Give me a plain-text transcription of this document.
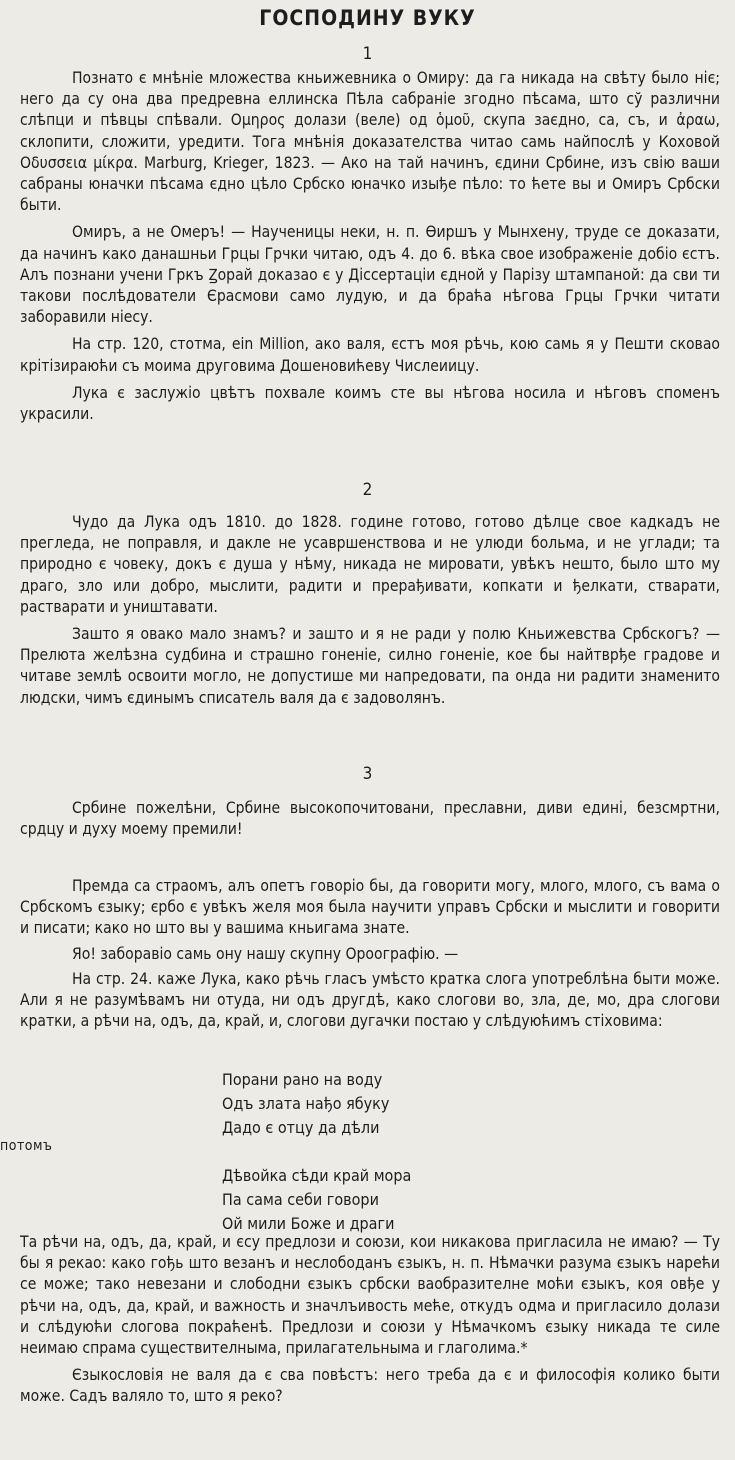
ГОСПОДИНУ ВУКУ
1

Познато є мнѣніе мложества кньижевника о Омиру: да га никада на свѣту было ніє; него да су она два предревна еллинска Пѣла сабраніе згодно пѣсама, што сў различни слѣпци и пѣвцы спѣвали. Ομηρος долази (веле) од ὁμοῦ, скупа заєдно, са, съ, и ἀραω, склопити, сложити, уредити. Тога мнѣнія доказателства читао самь найпослѣ у Коховой Οδυσσεια μίκρα. Marburg, Krieger, 1823. — Ако на тай начинъ, єдини Србине, изъ свію ваши сабраны юначки пѣсама єдно цѣло Србско юначко изыђе пѣло: то ћете вы и Омиръ Србски быти.

Омиръ, а не Омеръ! — Наученицы неки, н. п. Ѳиршъ у Мынхену, труде се доказати, да начинъ како данашньи Грцы Грчки читаю, одъ 4. до 6. вѣка свое изображеніе добіо єстъ. Алъ познани учени Гркъ Ꙁорай доказао є у Діссертаціи єдной у Парізу штампаной: да сви ти такови послѣдователи Єрасмови само лудую, и да браћа нѣгова Грцы Грчки читати заборавили ніесу.

На стр. 120, стотма, ein Million, ако валя, єстъ моя рѣчь, кою самь я у Пешти сковао крітізираюћи съ моима друговима Дошеновићеву Числеиицу.

Лука є заслужіо цвѣтъ похвале коимъ сте вы нѣгова носила и нѣговъ споменъ украсили.

2

Чудо да Лука одъ 1810. до 1828. године готово, готово дѣлце свое кадкадъ не прегледа, не поправля, и дакле не усавршенствова и не улюди больма, и не углади; та природно є човеку, докъ є душа у нѣму, никада не мировати, увѣкъ нешто, было што му драго, зло или добро, мыслити, радити и прерађивати, копкати и ђелкати, стварати, растварати и уништавати.

Зашто я овако мало знамъ? и зашто и я не ради у полю Кньижевства Србскогъ? — Прелюта желѣзна судбина и страшно гоненіе, силно гоненіе, кое бы найтврђе градове и читаве землѣ освоити могло, не допустише ми напредовати, па онда ни радити знаменито людски, чимъ єдинымъ списатель валя да є задоволянъ.

3

Србине пожелѣни, Србине высокопочитовани, преславни, диви едині, безсмртни, срдцу и духу моему премили!

Премда са страомъ, алъ опетъ говоріо бы, да говорити могу, млого, млого, съ вама о Србскомъ єзыку; єрбо є увѣкъ желя моя была научити управъ Србски и мыслити и говорити и писати; како но што вы у вашима кньигама знате.

Яо! заборавіо самь ону нашу скупну Ороографію. —

На стр. 24. каже Лука, како рѣчь гласъ умѣсто кратка слога употреблѣна быти може. Али я не разумѣвамъ ни отуда, ни одъ другдѣ, како слогови во, зла, де, мо, дра слогови кратки, а рѣчи на, одъ, да, край, и, слогови дугачки постаю у слѣдуюћимъ стіховима:

Порани рано на воду
Одъ злата нађо ябуку
Дадо є отцу да дѣли

Дѣвойка сѣди край мора
Па сама себи говори
Ой мили Боже и драги
потомъ

Та рѣчи на, одъ, да, край, и єсу предлози и союзи, кои никакова пригласила не имаю? — Ту бы я рекао: како гођь што везанъ и неслободанъ єзыкъ, н. п. Нѣмачки разума єзыкъ нарећи се може; тако невезани и слободни єзыкъ србски ваобразителне моћи єзыкъ, коя овђе у рѣчи на, одъ, да, край, и важность и значлъивость мећe, откудъ одма и пригласило долази и слѣдуюћи слогова покраћенѣ. Предлози и союзи у Нѣмачкомъ єзыку никада те силе неимаю спрама существителныма, прилагательныма и глаголима.*

Єзыкословія не валя да є сва повѣстъ: него треба да є и философія колико быти може. Садъ валяло то, што я реко?
